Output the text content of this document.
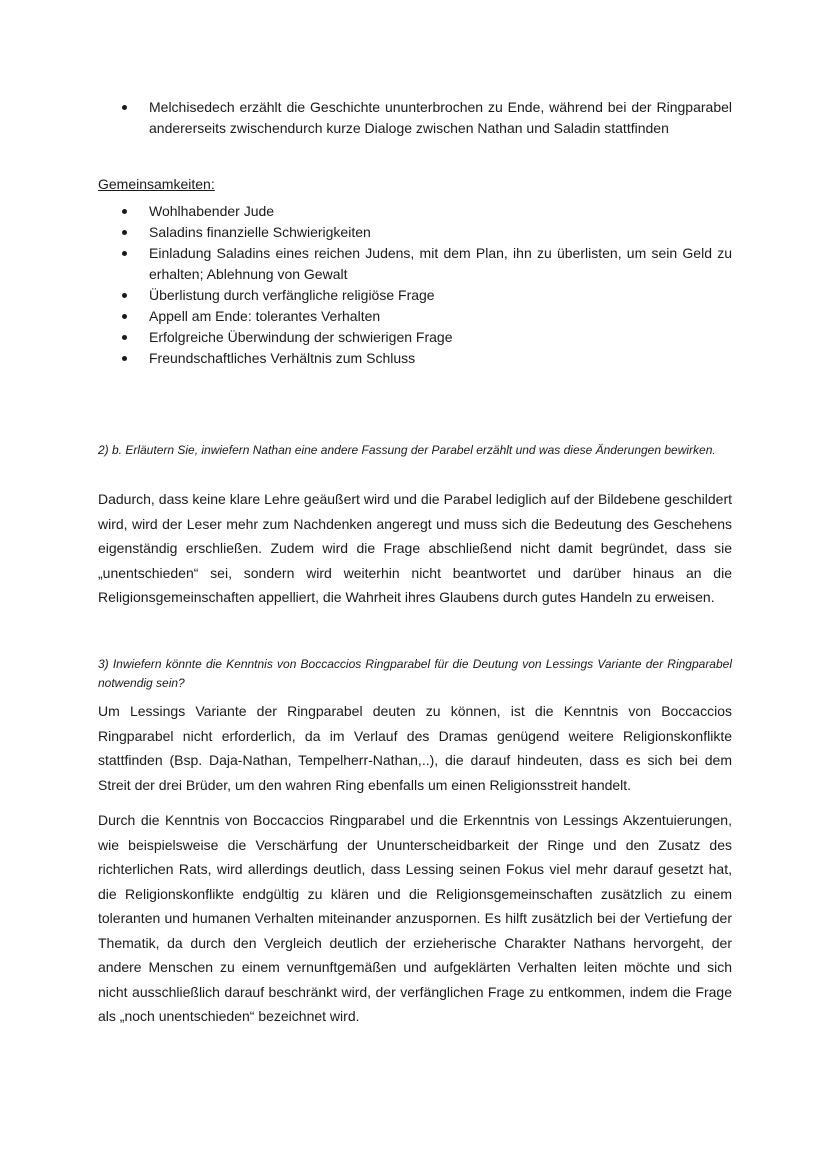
Melchisedech erzählt die Geschichte ununterbrochen zu Ende, während bei der Ringparabel andererseits zwischendurch kurze Dialoge zwischen Nathan und Saladin stattfinden
Gemeinsamkeiten:
Wohlhabender Jude
Saladins finanzielle Schwierigkeiten
Einladung Saladins eines reichen Judens, mit dem Plan, ihn zu überlisten, um sein Geld zu erhalten; Ablehnung von Gewalt
Überlistung durch verfängliche religiöse Frage
Appell am Ende: tolerantes Verhalten
Erfolgreiche Überwindung der schwierigen Frage
Freundschaftliches Verhältnis zum Schluss
2) b. Erläutern Sie, inwiefern Nathan eine andere Fassung der Parabel erzählt und was diese Änderungen bewirken.

Dadurch, dass keine klare Lehre geäußert wird und die Parabel lediglich auf der Bildebene geschildert wird, wird der Leser mehr zum Nachdenken angeregt und muss sich die Bedeutung des Geschehens eigenständig erschließen. Zudem wird die Frage abschließend nicht damit begründet, dass sie „unentschieden“ sei, sondern wird weiterhin nicht beantwortet und darüber hinaus an die Religionsgemeinschaften appelliert, die Wahrheit ihres Glaubens durch gutes Handeln zu erweisen.

3) Inwiefern könnte die Kenntnis von Boccaccios Ringparabel für die Deutung von Lessings Variante der Ringparabel notwendig sein?

Um Lessings Variante der Ringparabel deuten zu können, ist die Kenntnis von Boccaccios Ringparabel nicht erforderlich, da im Verlauf des Dramas genügend weitere Religionskonflikte stattfinden (Bsp. Daja-Nathan, Tempelherr-Nathan,..), die darauf hindeuten, dass es sich bei dem Streit der drei Brüder, um den wahren Ring ebenfalls um einen Religionsstreit handelt.

Durch die Kenntnis von Boccaccios Ringparabel und die Erkenntnis von Lessings Akzentuierungen, wie beispielsweise die Verschärfung der Ununterscheidbarkeit der Ringe und den Zusatz des richterlichen Rats, wird allerdings deutlich, dass Lessing seinen Fokus viel mehr darauf gesetzt hat, die Religionskonflikte endgültig zu klären und die Religionsgemeinschaften zusätzlich zu einem toleranten und humanen Verhalten miteinander anzuspornen. Es hilft zusätzlich bei der Vertiefung der Thematik, da durch den Vergleich deutlich der erzieherische Charakter Nathans hervorgeht, der andere Menschen zu einem vernunftgemäßen und aufgeklärten Verhalten leiten möchte und sich nicht ausschließlich darauf beschränkt wird, der verfänglichen Frage zu entkommen, indem die Frage als „noch unentschieden“ bezeichnet wird.
